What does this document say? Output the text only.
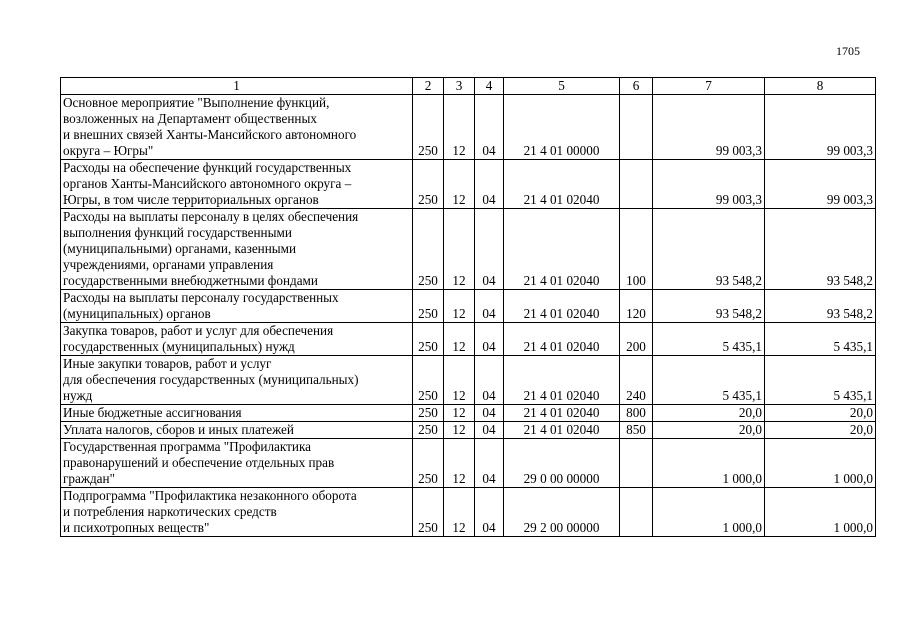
1705
1	2	3	4	5	6	7	8

Основное мероприятие "Выполнение функций,
возложенных на Департамент общественных
и внешних связей Ханты-Мансийского автономного
округа – Югры"	250	12	04	21 4 01 00000		99 003,3	99 003,3

Расходы на обеспечение функций государственных
органов Ханты-Мансийского автономного округа –
Югры, в том числе территориальных органов	250	12	04	21 4 01 02040		99 003,3	99 003,3

Расходы на выплаты персоналу в целях обеспечения
выполнения функций государственными
(муниципальными) органами, казенными
учреждениями, органами управления
государственными внебюджетными фондами	250	12	04	21 4 01 02040	100	93 548,2	93 548,2

Расходы на выплаты персоналу государственных
(муниципальных) органов	250	12	04	21 4 01 02040	120	93 548,2	93 548,2

Закупка товаров, работ и услуг для обеспечения
государственных (муниципальных) нужд	250	12	04	21 4 01 02040	200	5 435,1	5 435,1

Иные закупки товаров, работ и услуг
для обеспечения государственных (муниципальных)
нужд	250	12	04	21 4 01 02040	240	5 435,1	5 435,1

Иные бюджетные ассигнования	250	12	04	21 4 01 02040	800	20,0	20,0

Уплата налогов, сборов и иных платежей	250	12	04	21 4 01 02040	850	20,0	20,0

Государственная программа "Профилактика
правонарушений и обеспечение отдельных прав
граждан"	250	12	04	29 0 00 00000		1 000,0	1 000,0

Подпрограмма "Профилактика незаконного оборота
и потребления наркотических средств
и психотропных веществ"	250	12	04	29 2 00 00000		1 000,0	1 000,0
